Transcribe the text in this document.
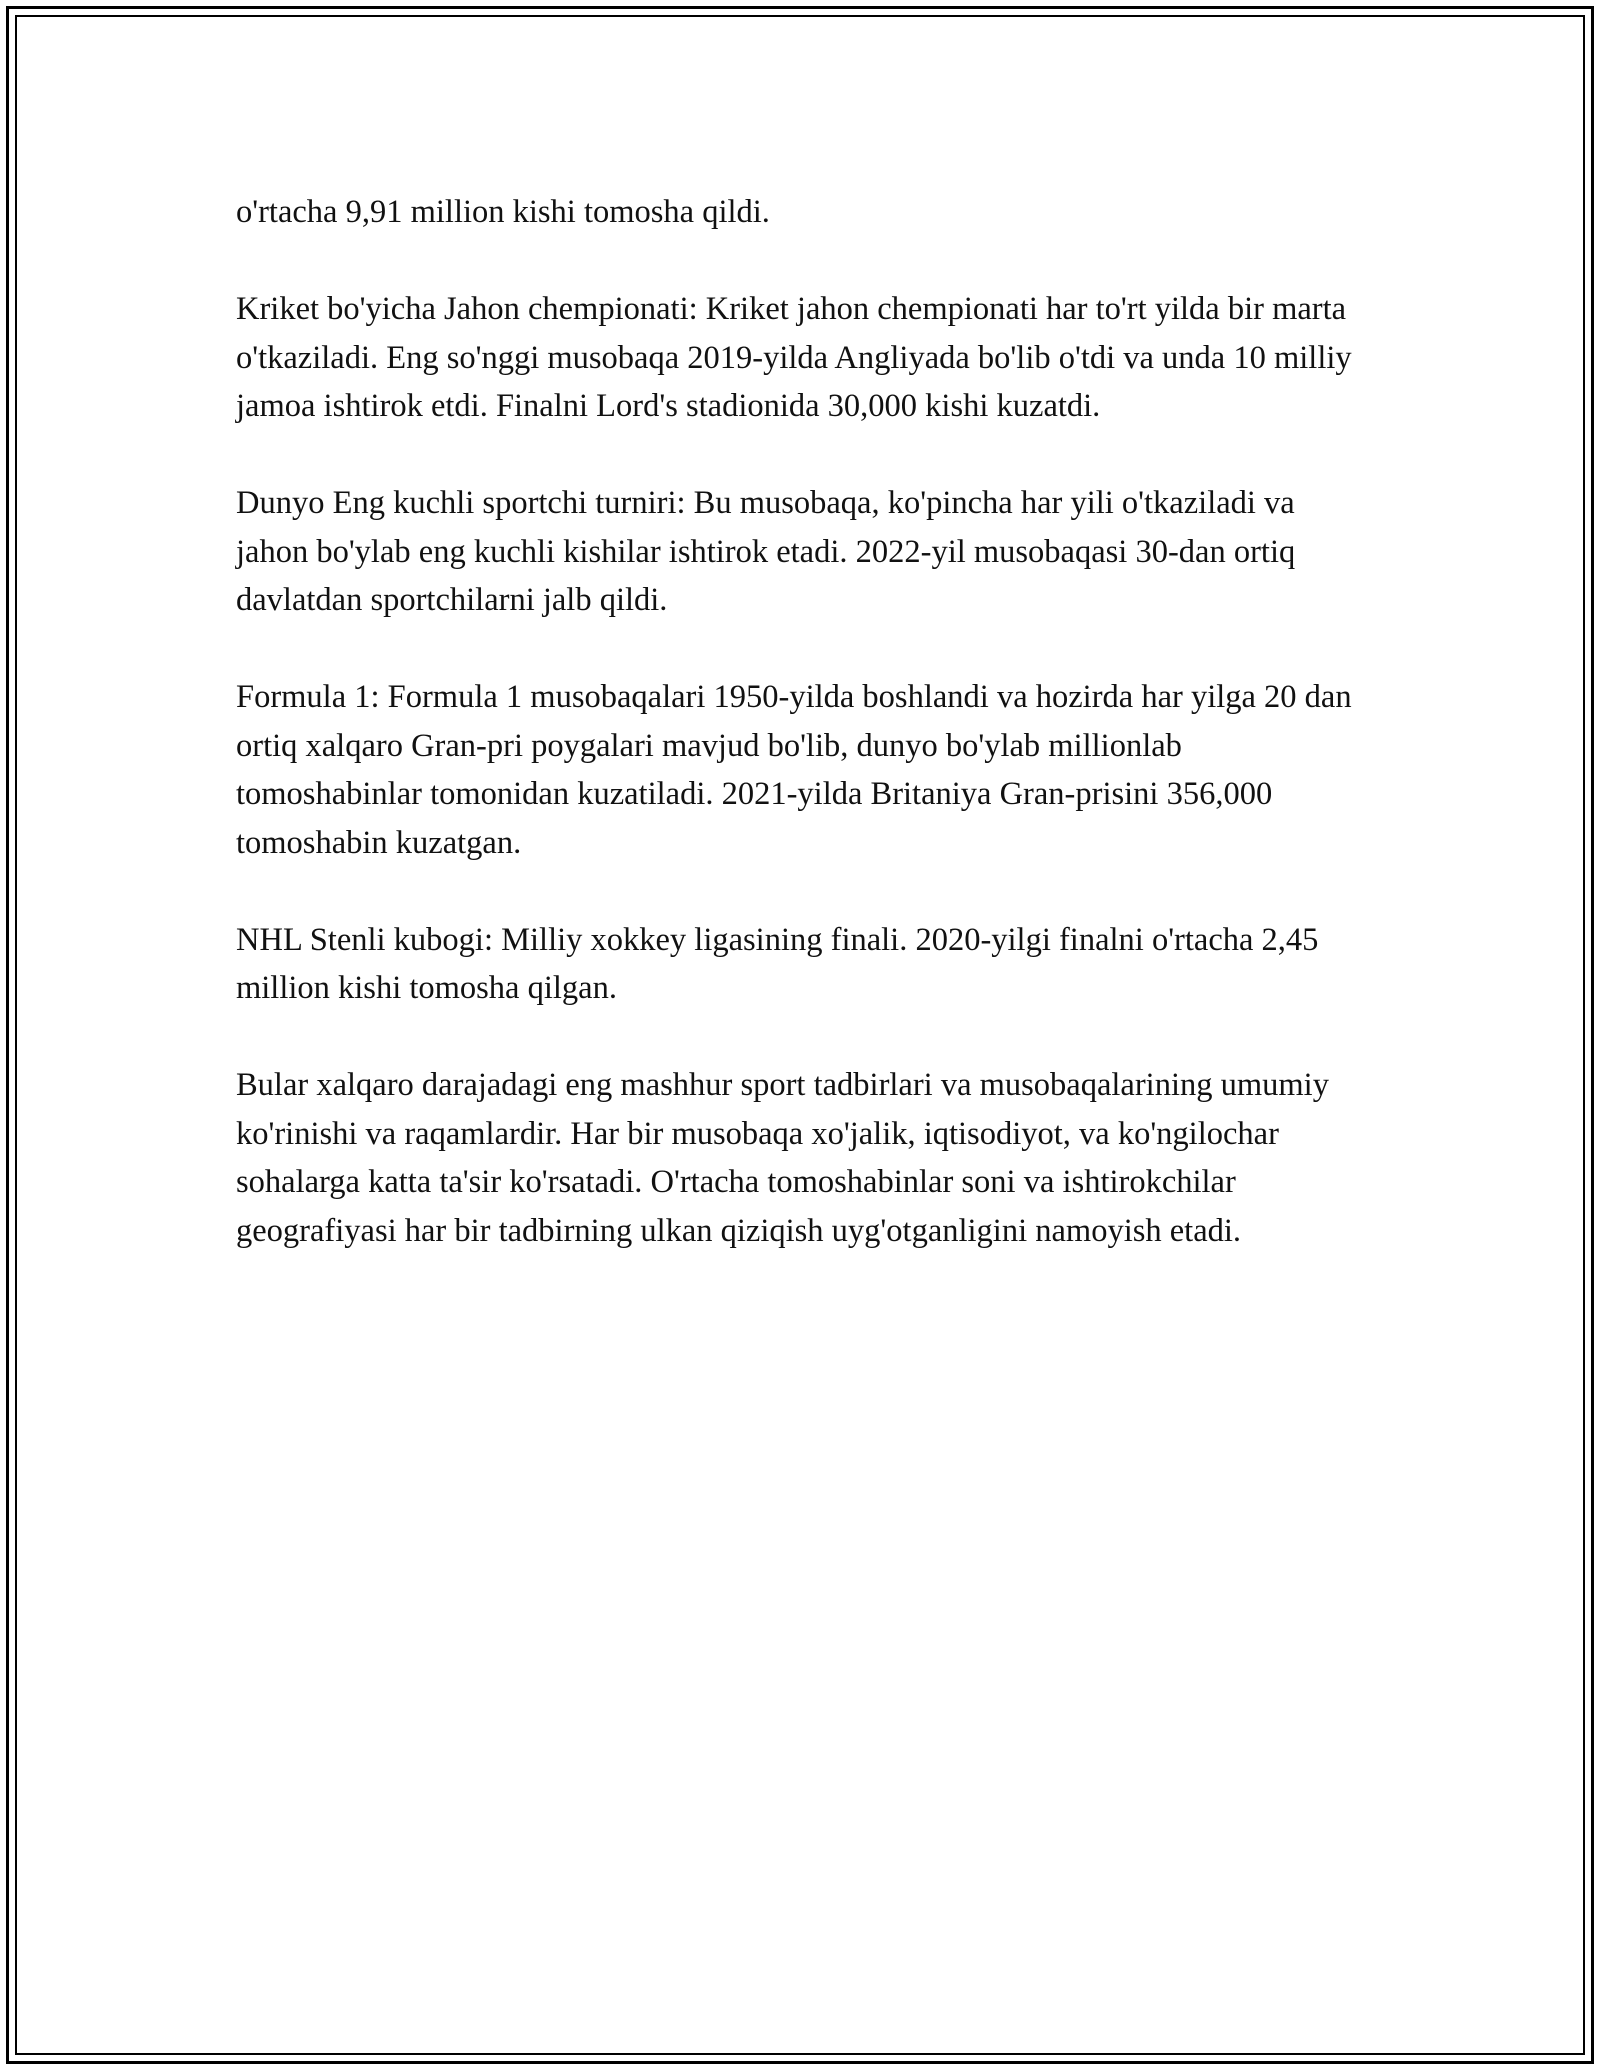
o'rtacha 9,91 million kishi tomosha qildi.

Kriket bo'yicha Jahon chempionati: Kriket jahon chempionati har to'rt yilda bir marta o'tkaziladi. Eng so'nggi musobaqa 2019-yilda Angliyada bo'lib o'tdi va unda 10 milliy jamoa ishtirok etdi. Finalni Lord's stadionida 30,000 kishi kuzatdi.

Dunyo Eng kuchli sportchi turniri: Bu musobaqa, ko'pincha har yili o'tkaziladi va jahon bo'ylab eng kuchli kishilar ishtirok etadi. 2022-yil musobaqasi 30-dan ortiq davlatdan sportchilarni jalb qildi.

Formula 1: Formula 1 musobaqalari 1950-yilda boshlandi va hozirda har yilga 20 dan ortiq xalqaro Gran-pri poygalari mavjud bo'lib, dunyo bo'ylab millionlab tomoshabinlar tomonidan kuzatiladi. 2021-yilda Britaniya Gran-prisini 356,000 tomoshabin kuzatgan.

NHL Stenli kubogi: Milliy xokkey ligasining finali. 2020-yilgi finalni o'rtacha 2,45 million kishi tomosha qilgan.

Bular xalqaro darajadagi eng mashhur sport tadbirlari va musobaqalarining umumiy ko'rinishi va raqamlardir. Har bir musobaqa xo'jalik, iqtisodiyot, va ko'ngilochar sohalarga katta ta'sir ko'rsatadi. O'rtacha tomoshabinlar soni va ishtirokchilar geografiyasi har bir tadbirning ulkan qiziqish uyg'otganligini namoyish etadi.
